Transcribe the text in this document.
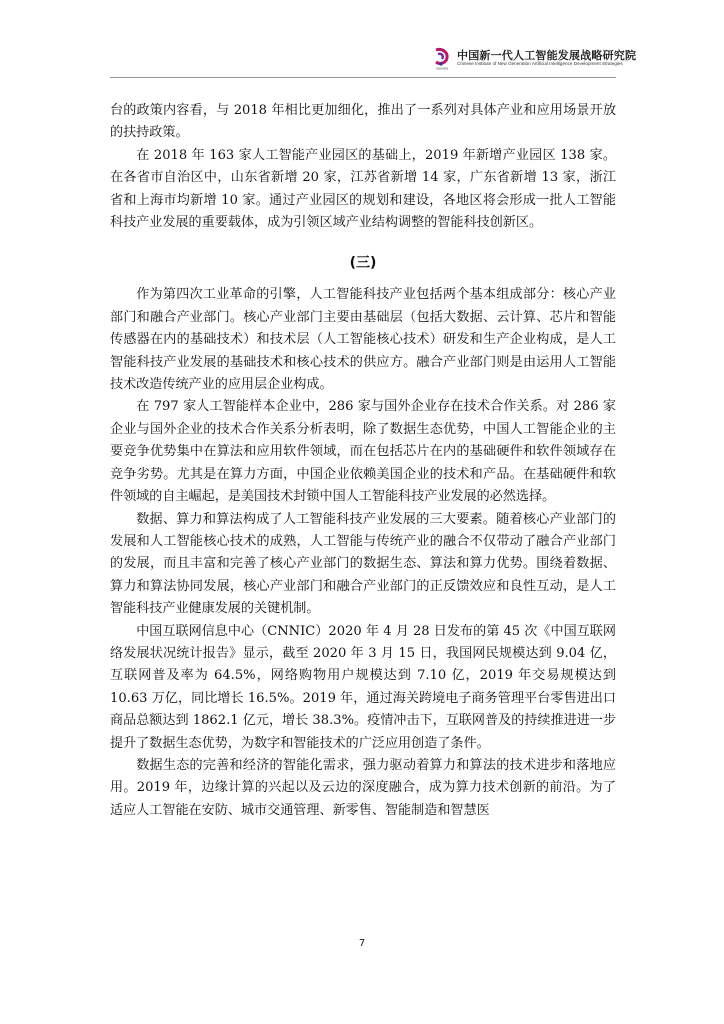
CINGAIDS
中国新一代人工智能发展战略研究院
Chinese Institute of New Generation Artificial Intelligence Development Strategies

台的政策内容看，与 2018 年相比更加细化，推出了一系列对具体产业和应用场景开放的扶持政策。

在 2018 年 163 家人工智能产业园区的基础上，2019 年新增产业园区 138 家。在各省市自治区中，山东省新增 20 家，江苏省新增 14 家，广东省新增 13 家，浙江省和上海市均新增 10 家。通过产业园区的规划和建设，各地区将会形成一批人工智能科技产业发展的重要载体，成为引领区域产业结构调整的智能科技创新区。

(三)

作为第四次工业革命的引擎，人工智能科技产业包括两个基本组成部分：核心产业部门和融合产业部门。核心产业部门主要由基础层（包括大数据、云计算、芯片和智能传感器在内的基础技术）和技术层（人工智能核心技术）研发和生产企业构成，是人工智能科技产业发展的基础技术和核心技术的供应方。融合产业部门则是由运用人工智能技术改造传统产业的应用层企业构成。

在 797 家人工智能样本企业中，286 家与国外企业存在技术合作关系。对 286 家企业与国外企业的技术合作关系分析表明，除了数据生态优势，中国人工智能企业的主要竞争优势集中在算法和应用软件领域，而在包括芯片在内的基础硬件和软件领域存在竞争劣势。尤其是在算力方面，中国企业依赖美国企业的技术和产品。在基础硬件和软件领域的自主崛起，是美国技术封锁中国人工智能科技产业发展的必然选择。

数据、算力和算法构成了人工智能科技产业发展的三大要素。随着核心产业部门的发展和人工智能核心技术的成熟，人工智能与传统产业的融合不仅带动了融合产业部门的发展，而且丰富和完善了核心产业部门的数据生态、算法和算力优势。围绕着数据、算力和算法协同发展，核心产业部门和融合产业部门的正反馈效应和良性互动，是人工智能科技产业健康发展的关键机制。

中国互联网信息中心（CNNIC）2020 年 4 月 28 日发布的第 45 次《中国互联网络发展状况统计报告》显示，截至 2020 年 3 月 15 日，我国网民规模达到 9.04 亿，互联网普及率为 64.5%，网络购物用户规模达到 7.10 亿，2019 年交易规模达到 10.63 万亿，同比增长 16.5%。2019 年，通过海关跨境电子商务管理平台零售进出口商品总额达到 1862.1 亿元，增长 38.3%。疫情冲击下，互联网普及的持续推进进一步提升了数据生态优势，为数字和智能技术的广泛应用创造了条件。

数据生态的完善和经济的智能化需求，强力驱动着算力和算法的技术进步和落地应用。2019 年，边缘计算的兴起以及云边的深度融合，成为算力技术创新的前沿。为了适应人工智能在安防、城市交通管理、新零售、智能制造和智慧医

7
